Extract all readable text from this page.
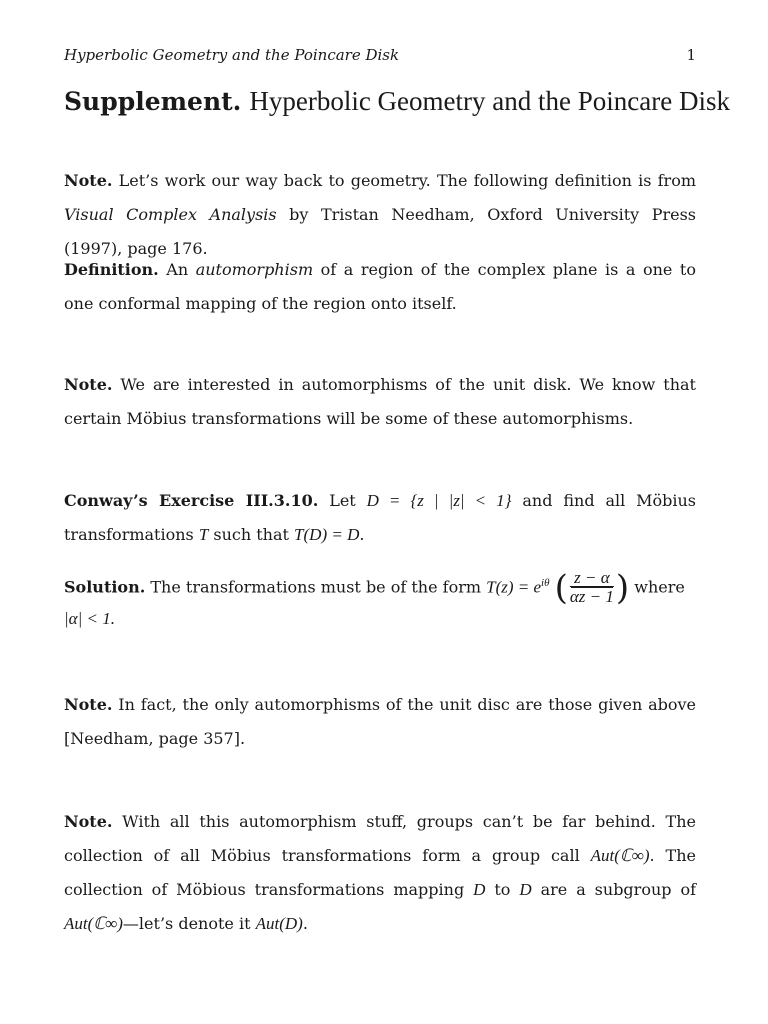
Hyperbolic Geometry and the Poincare Disk	1
Supplement. Hyperbolic Geometry and the Poincare Disk
Note. Let’s work our way back to geometry. The following definition is from Visual Complex Analysis by Tristan Needham, Oxford University Press (1997), page 176.
Definition. An automorphism of a region of the complex plane is a one to one conformal mapping of the region onto itself.
Note. We are interested in automorphisms of the unit disk. We know that certain Möbius transformations will be some of these automorphisms.
Conway’s Exercise III.3.10. Let D = {z | |z| < 1} and find all Möbius transformations T such that T(D) = D.
Solution. The transformations must be of the form $T(z) = e^{i\theta}$ ( $\frac{z - \alpha}{\alpha z - 1}$ ) where
|α| < 1.
Note. In fact, the only automorphisms of the unit disc are those given above [Needham, page 357].
Note. With all this automorphism stuff, groups can’t be far behind. The collection of all Möbius transformations form a group call Aut(ℂ∞). The collection of Möbious transformations mapping D to D are a subgroup of Aut(ℂ∞)—let’s denote it Aut(D).
